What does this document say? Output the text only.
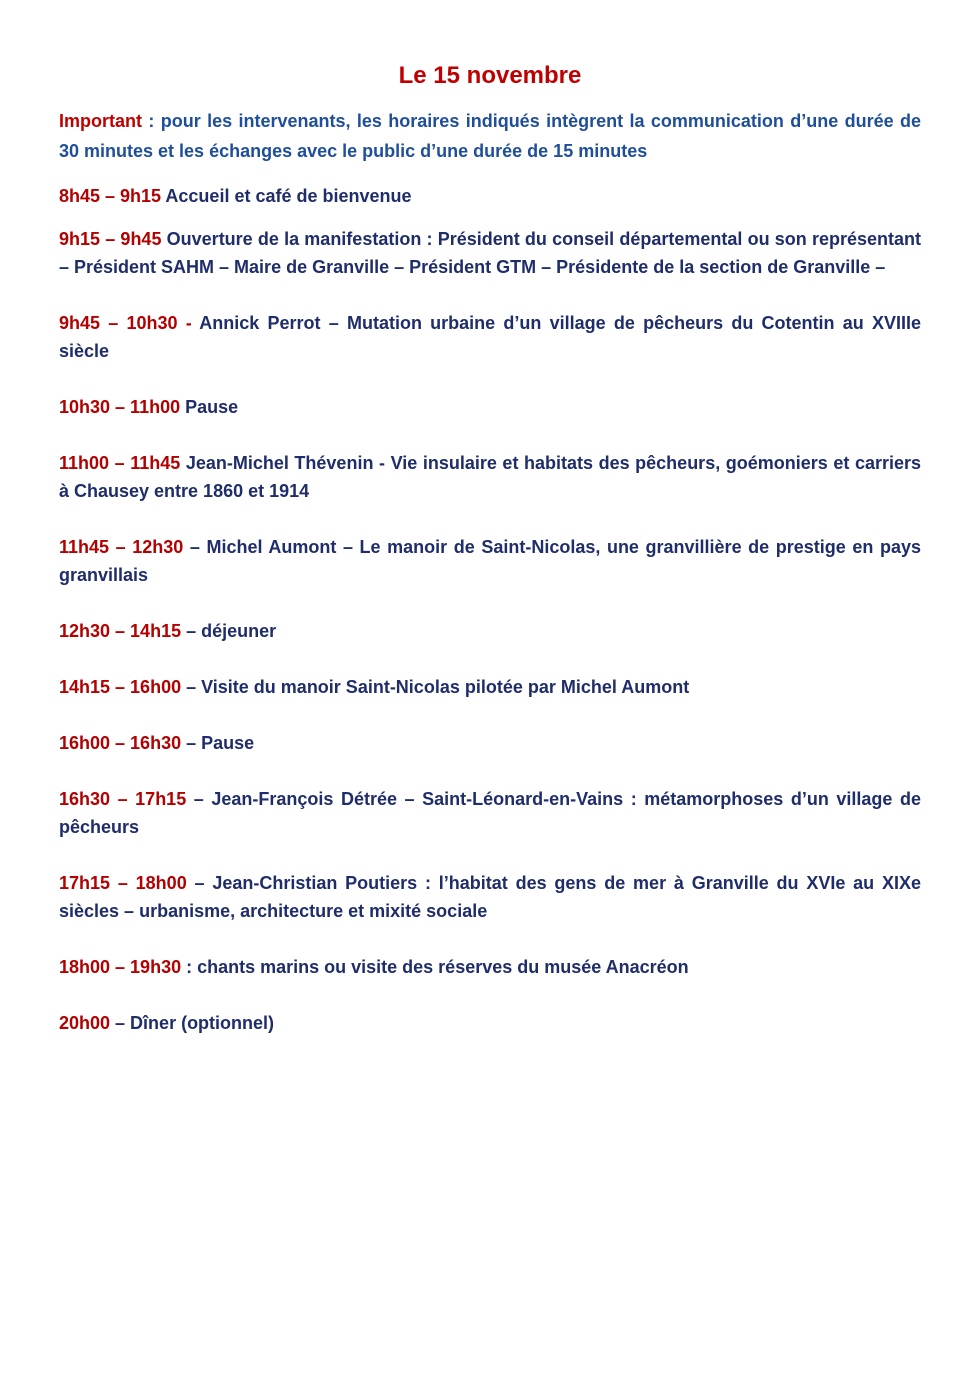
Le 15 novembre

Important : pour les intervenants, les horaires indiqués intègrent la communication d’une durée de 30 minutes et les échanges avec le public d’une durée de 15 minutes

8h45 – 9h15 Accueil et café de bienvenue

9h15 – 9h45 Ouverture de la manifestation : Président du conseil départemental ou son représentant – Président SAHM – Maire de Granville – Président GTM – Présidente de la section de Granville –

9h45 – 10h30 - Annick Perrot – Mutation urbaine d’un village de pêcheurs du Cotentin au XVIIIe siècle

10h30 – 11h00 Pause

11h00 – 11h45 Jean-Michel Thévenin - Vie insulaire et habitats des pêcheurs, goémoniers et carriers à Chausey entre 1860 et 1914

11h45 – 12h30 – Michel Aumont – Le manoir de Saint-Nicolas, une granvillière de prestige en pays granvillais

12h30 – 14h15 – déjeuner

14h15 – 16h00 – Visite du manoir Saint-Nicolas pilotée par Michel Aumont

16h00 – 16h30 – Pause

16h30 – 17h15 – Jean-François Détrée – Saint-Léonard-en-Vains : métamorphoses d’un village de pêcheurs

17h15 – 18h00 – Jean-Christian Poutiers : l’habitat des gens de mer à Granville du XVIe au XIXe siècles – urbanisme, architecture et mixité sociale

18h00 – 19h30 : chants marins ou visite des réserves du musée Anacréon

20h00 – Dîner (optionnel)
